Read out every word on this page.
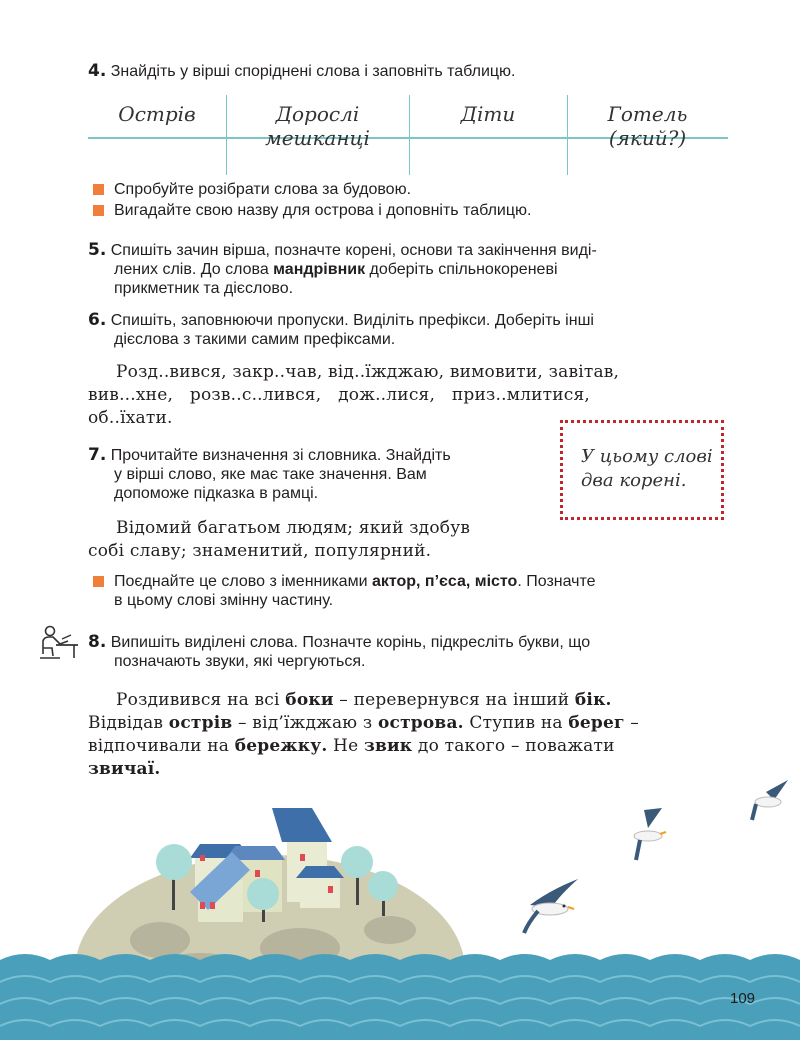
4. Знайдіть у вірші споріднені слова і заповніть таблицю.
Острів	Дорослі мешканці
Діти	Готель (який?)
Спробуйте розібрати слова за будовою.
Вигадайте свою назву для острова і доповніть таблицю.
5. Спишіть зачин вірша, позначте корені, основи та закінчення виді-
лених слів. До слова мандрівник доберіть спільнокореневі
прикметник та дієслово.
6. Спишіть, заповнюючи пропуски. Виділіть префікси. Доберіть інші
дієслова з такими самим префіксами.
Розд..вився, закр..чав, від..їжджаю, вимовити, завітав,
вив...хне,   розв..с..лився,   дож..лися,   приз..млитися,
об..їхати.
7. Прочитайте визначення зі словника. Знайдіть
у вірші слово, яке має таке значення. Вам
допоможе підказка в рамці.
Відомий багатьом людям; який здобув
собі славу; знаменитий, популярний.
У цьому слові
два корені.
Поєднайте це слово з іменниками актор, п’єса, місто. Позначте
в цьому слові змінну частину.
8. Випишіть виділені слова. Позначте корінь, підкресліть букви, що
позначають звуки, які чергуються.
Роздивився на всі боки – перевернувся на інший бік.
Відвідав острів – від’їжджаю з острова. Ступив на берег –
відпочивали на бережку. Не звик до такого – поважати
звичаї.
109
